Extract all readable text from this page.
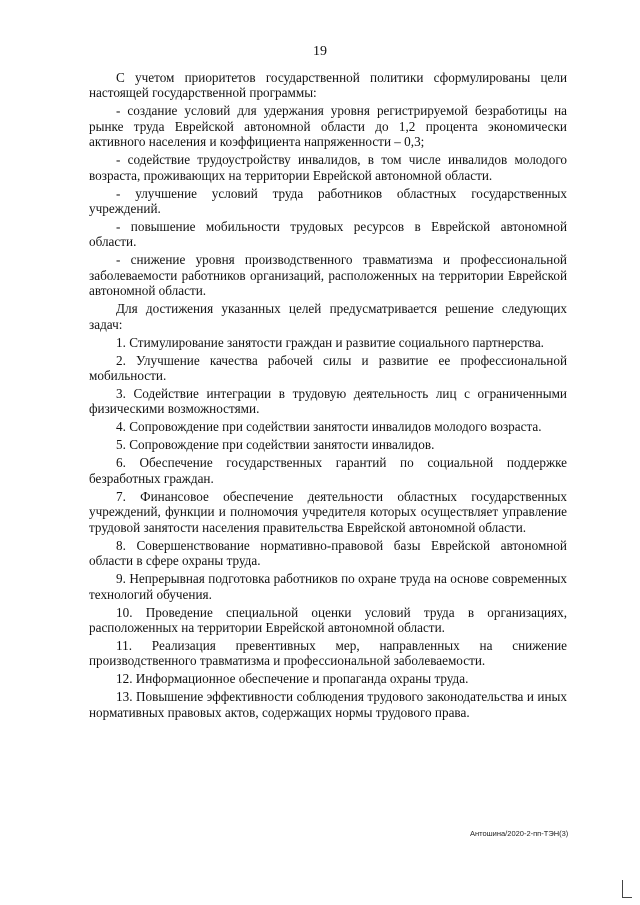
19

С учетом приоритетов государственной политики сформулированы цели настоящей государственной программы:

- создание условий для удержания уровня регистрируемой безработицы на рынке труда Еврейской автономной области до 1,2 процента экономически активного населения и коэффициента напряженности – 0,3;

- содействие трудоустройству инвалидов, в том числе инвалидов молодого возраста, проживающих на территории Еврейской автономной области.

- улучшение условий труда работников областных государственных учреждений.

- повышение мобильности трудовых ресурсов в Еврейской автономной области.

- снижение уровня производственного травматизма и профессиональной заболеваемости работников организаций, расположенных на территории Еврейской автономной области.

Для достижения указанных целей предусматривается решение следующих задач:

1. Стимулирование занятости граждан и развитие социального партнерства.

2. Улучшение качества рабочей силы и развитие ее профессиональной мобильности.

3. Содействие интеграции в трудовую деятельность лиц с ограниченными физическими возможностями.

4. Сопровождение при содействии занятости инвалидов молодого возраста.

5. Сопровождение при содействии занятости инвалидов.

6. Обеспечение государственных гарантий по социальной поддержке безработных граждан.

7. Финансовое обеспечение деятельности областных государственных учреждений, функции и полномочия учредителя которых осуществляет управление трудовой занятости населения правительства Еврейской автономной области.

8. Совершенствование нормативно-правовой базы Еврейской автономной области в сфере охраны труда.

9. Непрерывная подготовка работников по охране труда на основе современных технологий обучения.

10. Проведение специальной оценки условий труда в организациях, расположенных на территории Еврейской автономной области.

11. Реализация превентивных мер, направленных на снижение производственного травматизма и профессиональной заболеваемости.

12. Информационное обеспечение и пропаганда охраны труда.

13. Повышение эффективности соблюдения трудового законодательства и иных нормативных правовых актов, содержащих нормы трудового права.

Антошина/2020-2-пп-ТЭН(3)
